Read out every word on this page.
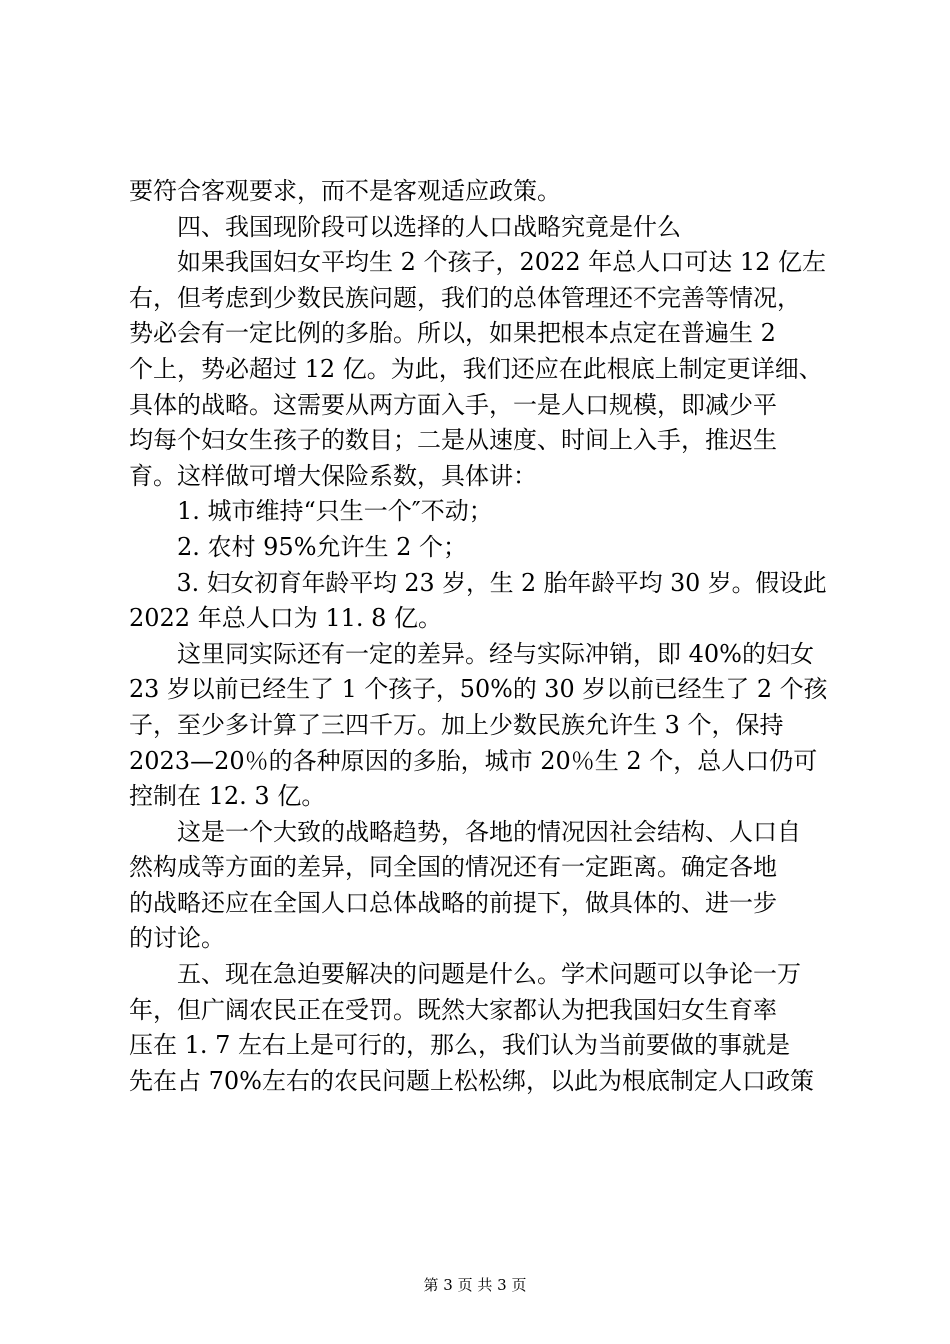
要符合客观要求，而不是客观适应政策。
　　四、我国现阶段可以选择的人口战略究竟是什么
　　如果我国妇女平均生 2 个孩子，2022 年总人口可达 12 亿左
右，但考虑到少数民族问题，我们的总体管理还不完善等情况，
势必会有一定比例的多胎。所以，如果把根本点定在普遍生 2
个上，势必超过 12 亿。为此，我们还应在此根底上制定更详细、
具体的战略。这需要从两方面入手，一是人口规模，即减少平
均每个妇女生孩子的数目；二是从速度、时间上入手，推迟生
育。这样做可增大保险系数，具体讲：
　　1. 城市维持“只生一个″不动；
　　2. 农村 95%允许生 2 个；
　　3. 妇女初育年龄平均 23 岁，生 2 胎年龄平均 30 岁。假设此
2022 年总人口为 11. 8 亿。
　　这里同实际还有一定的差异。经与实际冲销，即 40%的妇女
23 岁以前已经生了 1 个孩子，50%的 30 岁以前已经生了 2 个孩
子，至少多计算了三四千万。加上少数民族允许生 3 个，保持
2023—20％的各种原因的多胎，城市 20％生 2 个，总人口仍可
控制在 12. 3 亿。
　　这是一个大致的战略趋势，各地的情况因社会结构、人口自
然构成等方面的差异，同全国的情况还有一定距离。确定各地
的战略还应在全国人口总体战略的前提下，做具体的、进一步
的讨论。
　　五、现在急迫要解决的问题是什么。学术问题可以争论一万
年，但广阔农民正在受罚。既然大家都认为把我国妇女生育率
压在 1. 7 左右上是可行的，那么，我们认为当前要做的事就是
先在占 70%左右的农民问题上松松绑，以此为根底制定人口政策
第 3 页 共 3 页
